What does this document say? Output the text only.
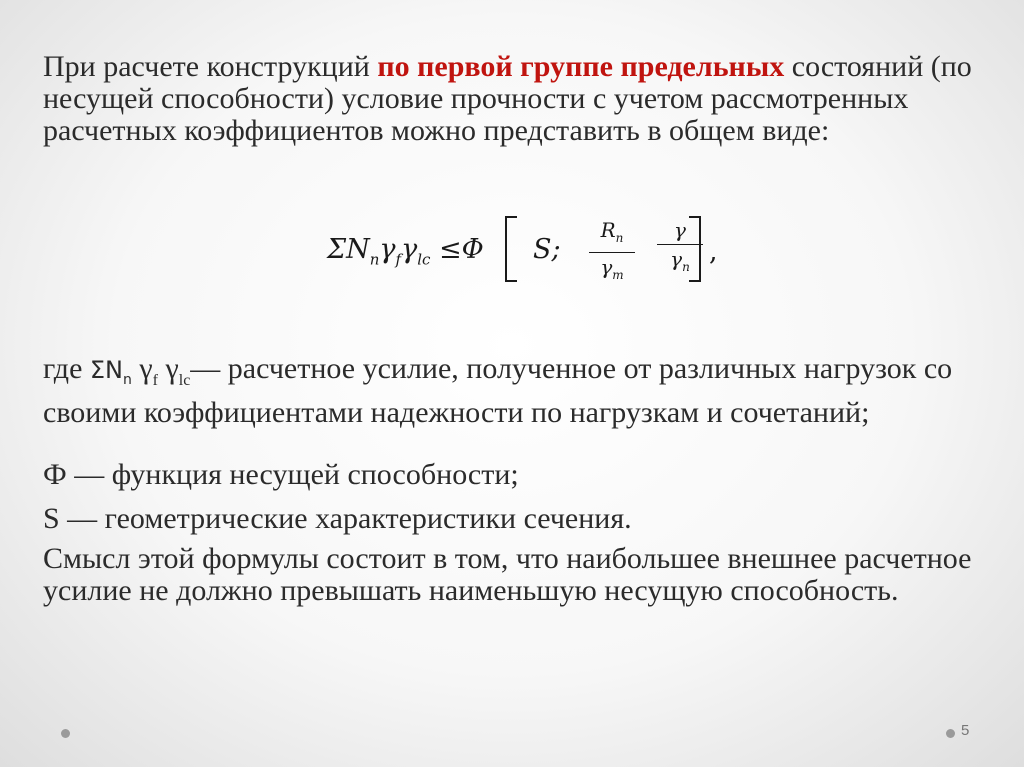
При расчете конструкций по первой группе предельных состояний (по несущей способности) условие прочности с учетом рассмотренных расчетных коэффициентов можно представить в общем виде:

$\Sigma N_n\gamma_f\gamma_{lc} \le\Phi$ S; $\frac{R_n}{\gamma_m} \frac{\gamma}{\gamma_n}$ ,

где $\Sigma N_n$ $\gamma_f$ $\gamma_{lc}—$ расчетное усилие, полученное от различных нагрузок со своими коэффициентами надежности по нагрузкам и сочетаний;

Ф — функция несущей способности;

S — геометрические характеристики сечения.

Смысл этой формулы состоит в том, что наибольшее внешнее расчетное усилие не должно превышать наименьшую несущую способность.

5
